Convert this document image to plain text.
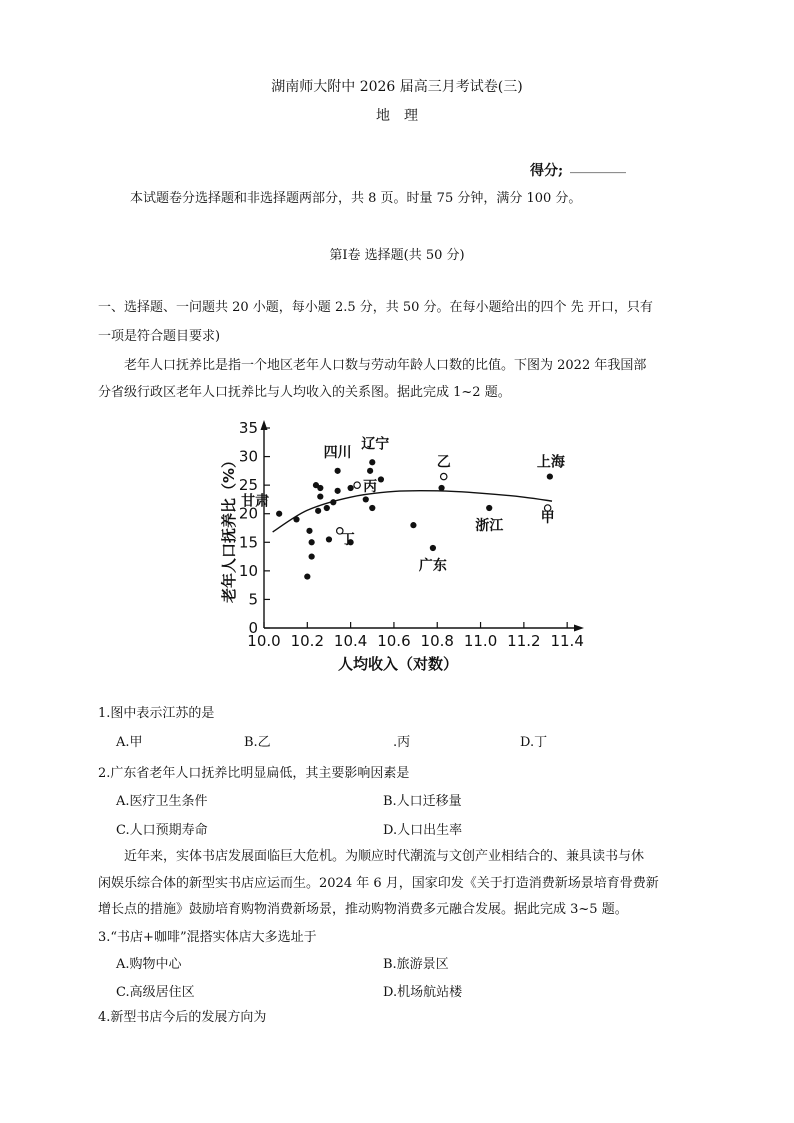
湖南师大附中 2026 届高三月考试卷(三)
地　理
得分; ________
本试题卷分选择题和非选择题两部分，共 8 页。时量 75 分钟，满分 100 分。
第Ⅰ卷 选择题(共 50 分)
一、选择题、一问题共 20 小题，每小题 2.5 分，共 50 分。在每小题给出的四个 先 开口，只有
一项是符合题目要求)
老年人口抚养比是指一个地区老年人口数与劳动年龄人口数的比值。下图为 2022 年我国部
分省级行政区老年人口抚养比与人均收入的关系图。据此完成 1~2 题。
0
5
10
15
20
25
30
35
10.0 10.2 10.4 10.6 10.8 11.0 11.2 11.4
甘肃
四川
丁
丙
辽宁
广东
乙
浙江
上海
甲
人均收入（对数）
老年人口抚养比（%）
1.图中表示江苏的是
A.甲	B.乙	.丙	D.丁
2.广东省老年人口抚养比明显扁低，其主要影响因素是
A.医疗卫生条件	B.人口迁移量
C.人口预期寿命	D.人口出生率
近年来，实体书店发展面临巨大危机。为顺应时代潮流与文创产业相结合的、兼具读书与休
闲娱乐综合体的新型实书店应运而生。2024 年 6 月，国家印发《关于打造消费新场景培育骨费新
增长点的措施》鼓励培育购物消费新场景，推动购物消费多元融合发展。据此完成 3~5 题。
3.“书店+咖啡”混搭实体店大多选址于
A.购物中心	B.旅游景区
C.高级居住区	D.机场航站楼
4.新型书店今后的发展方向为
